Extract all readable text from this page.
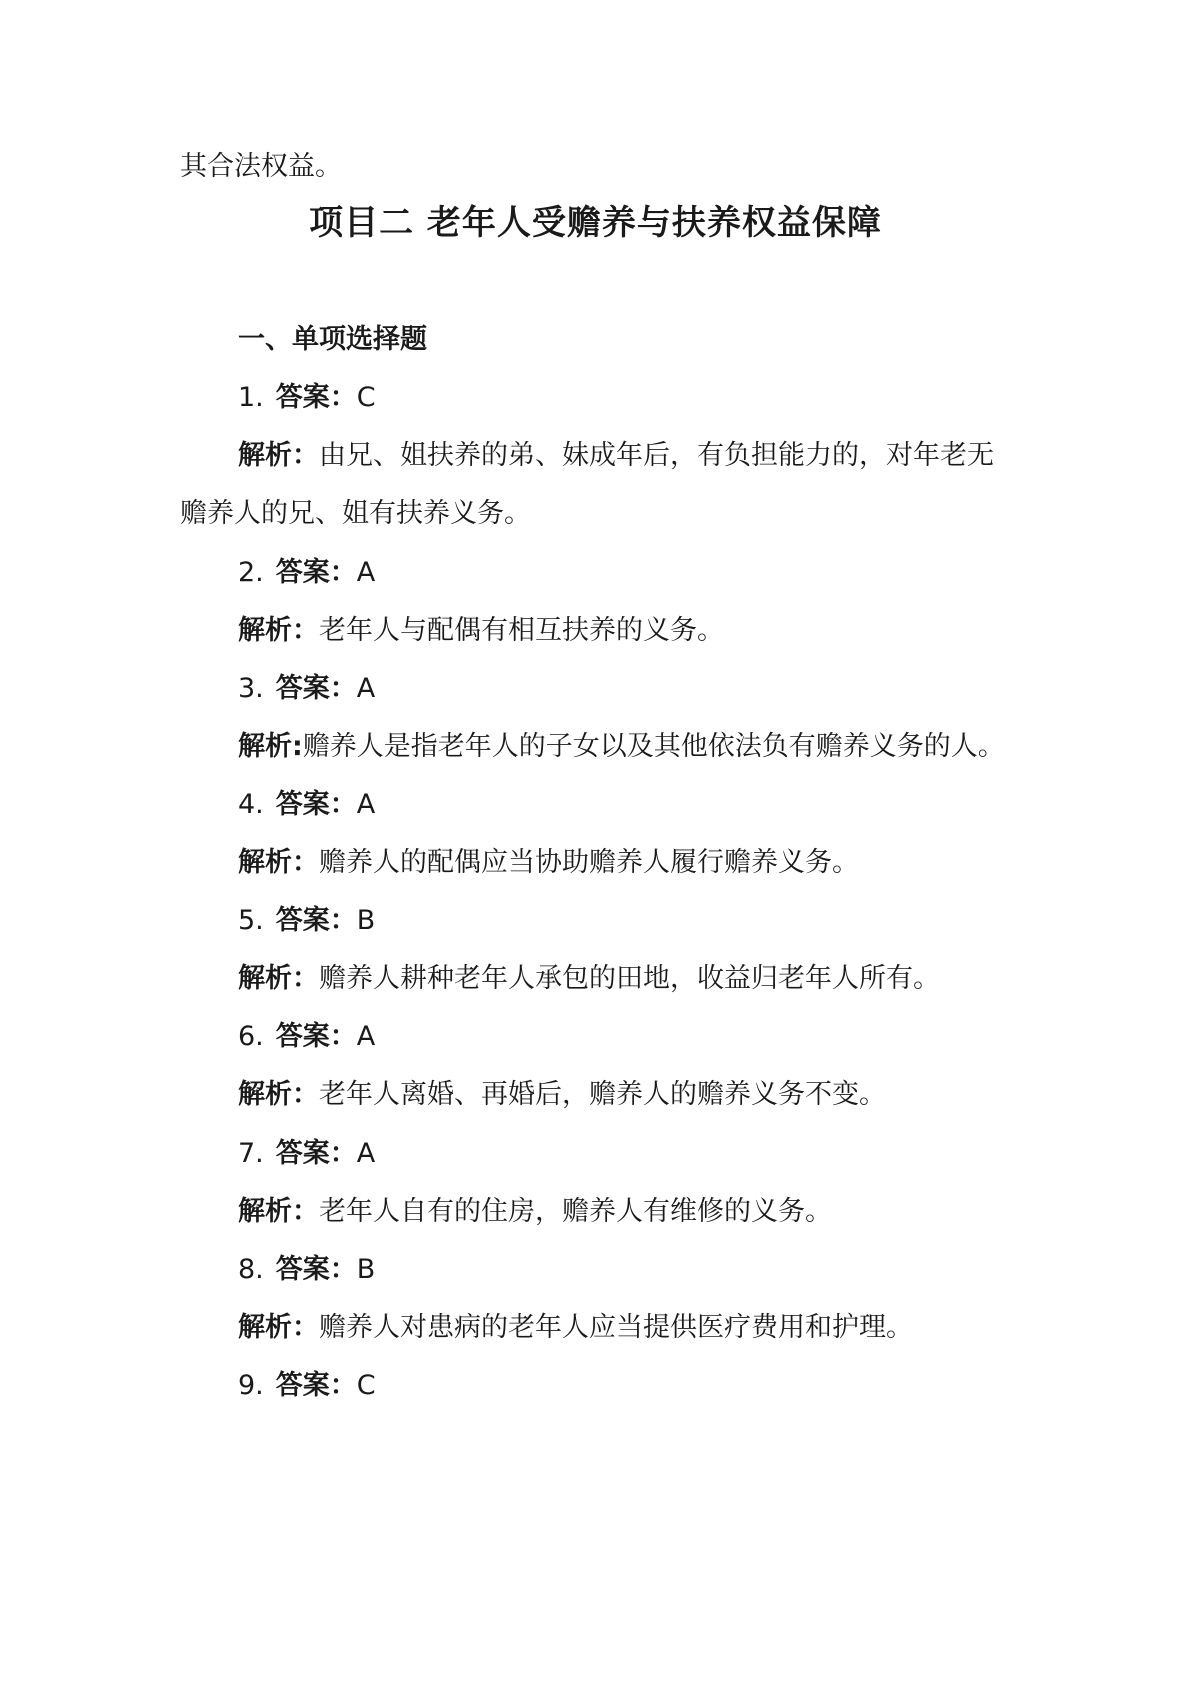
其合法权益。
项目二 老年人受赡养与扶养权益保障
一、单项选择题
1. 答案：C
解析：由兄、姐扶养的弟、妹成年后，有负担能力的，对年老无
赡养人的兄、姐有扶养义务。
2. 答案：A
解析：老年人与配偶有相互扶养的义务。
3. 答案：A
解析:赡养人是指老年人的子女以及其他依法负有赡养义务的人。
4. 答案：A
解析：赡养人的配偶应当协助赡养人履行赡养义务。
5. 答案：B
解析：赡养人耕种老年人承包的田地，收益归老年人所有。
6. 答案：A
解析：老年人离婚、再婚后，赡养人的赡养义务不变。
7. 答案：A
解析：老年人自有的住房，赡养人有维修的义务。
8. 答案：B
解析：赡养人对患病的老年人应当提供医疗费用和护理。
9. 答案：C
